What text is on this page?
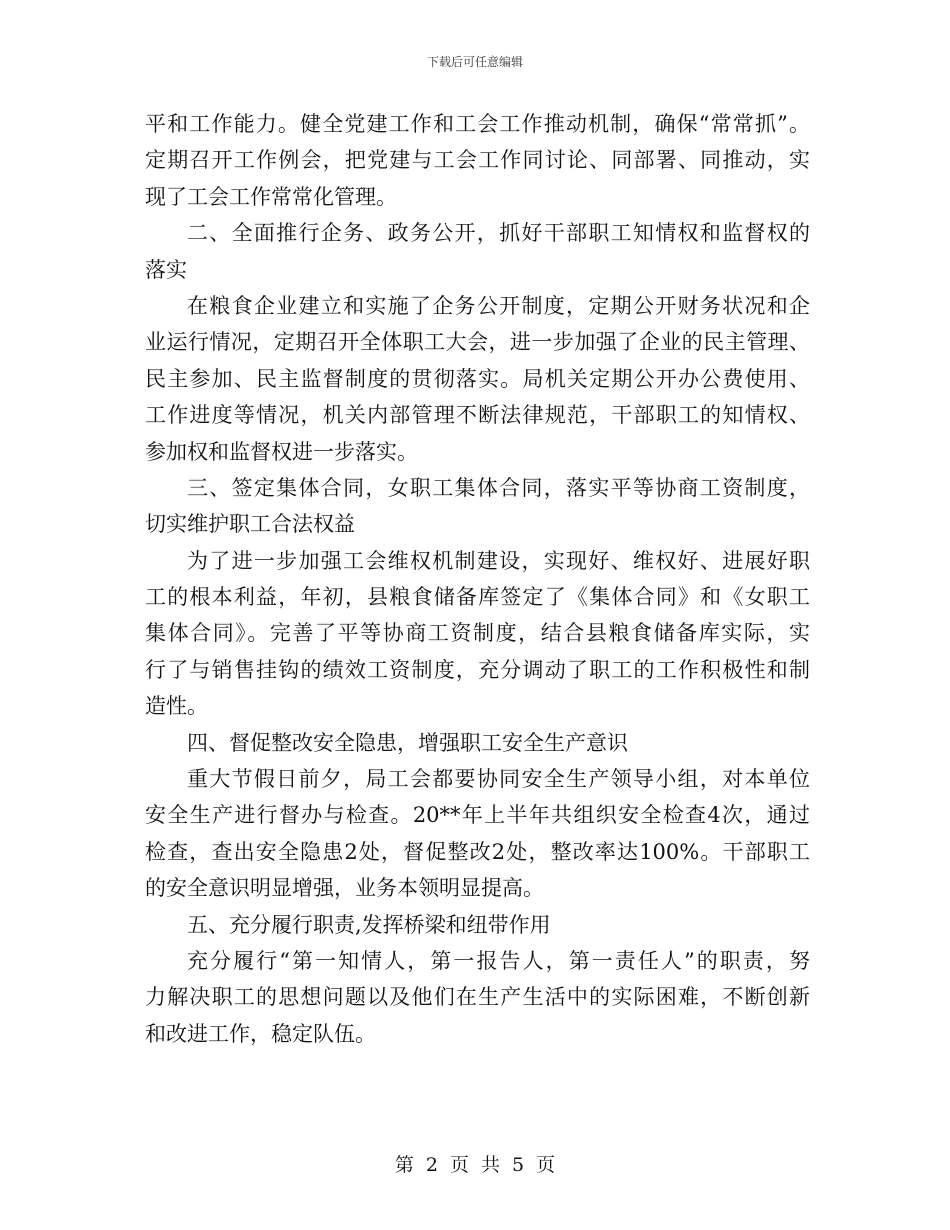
下载后可任意编辑
平和工作能力。健全党建工作和工会工作推动机制，确保“常常抓”。
定期召开工作例会，把党建与工会工作同讨论、同部署、同推动，实
现了工会工作常常化管理。
二、全面推行企务、政务公开，抓好干部职工知情权和监督权的
落实
在粮食企业建立和实施了企务公开制度，定期公开财务状况和企
业运行情况，定期召开全体职工大会，进一步加强了企业的民主管理、
民主参加、民主监督制度的贯彻落实。局机关定期公开办公费使用、
工作进度等情况，机关内部管理不断法律规范，干部职工的知情权、
参加权和监督权进一步落实。
三、签定集体合同，女职工集体合同，落实平等协商工资制度，
切实维护职工合法权益
为了进一步加强工会维权机制建设，实现好、维权好、进展好职
工的根本利益，年初，县粮食储备库签定了《集体合同》和《女职工
集体合同》。完善了平等协商工资制度，结合县粮食储备库实际，实
行了与销售挂钩的绩效工资制度，充分调动了职工的工作积极性和制
造性。
四、督促整改安全隐患，增强职工安全生产意识
重大节假日前夕，局工会都要协同安全生产领导小组，对本单位
安全生产进行督办与检查。20**年上半年共组织安全检查4次，通过
检查，查出安全隐患2处，督促整改2处，整改率达100%。干部职工
的安全意识明显增强，业务本领明显提高。
五、充分履行职责,发挥桥梁和纽带作用
充分履行“第一知情人，第一报告人，第一责任人”的职责，努
力解决职工的思想问题以及他们在生产生活中的实际困难，不断创新
和改进工作，稳定队伍。
第 2 页 共 5 页
